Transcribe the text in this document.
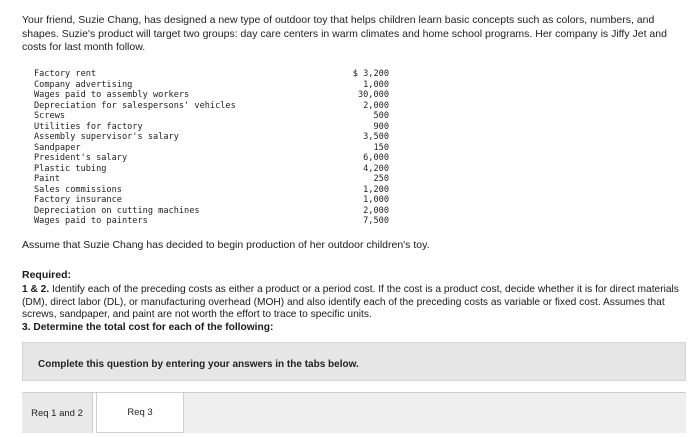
Your friend, Suzie Chang, has designed a new type of outdoor toy that helps children learn basic concepts such as colors, numbers, and shapes. Suzie's product will target two groups: day care centers in warm climates and home school programs. Her company is Jiffy Jet and costs for last month follow.
Factory rent	$ 3,200
Company advertising	1,000
Wages paid to assembly workers	30,000
Depreciation for salespersons' vehicles	2,000
Screws	500
Utilities for factory	900
Assembly supervisor's salary	3,500
Sandpaper	150
President's salary	6,000
Plastic tubing	4,200
Paint	250
Sales commissions	1,200
Factory insurance	1,000
Depreciation on cutting machines	2,000
Wages paid to painters	7,500
Assume that Suzie Chang has decided to begin production of her outdoor children's toy.
Required:
1 & 2. Identify each of the preceding costs as either a product or a period cost. If the cost is a product cost, decide whether it is for direct materials (DM), direct labor (DL), or manufacturing overhead (MOH) and also identify each of the preceding costs as variable or fixed cost. Assumes that screws, sandpaper, and paint are not worth the effort to trace to specific units.
3. Determine the total cost for each of the following:
Complete this question by entering your answers in the tabs below.
Req 1 and 2	Req 3
